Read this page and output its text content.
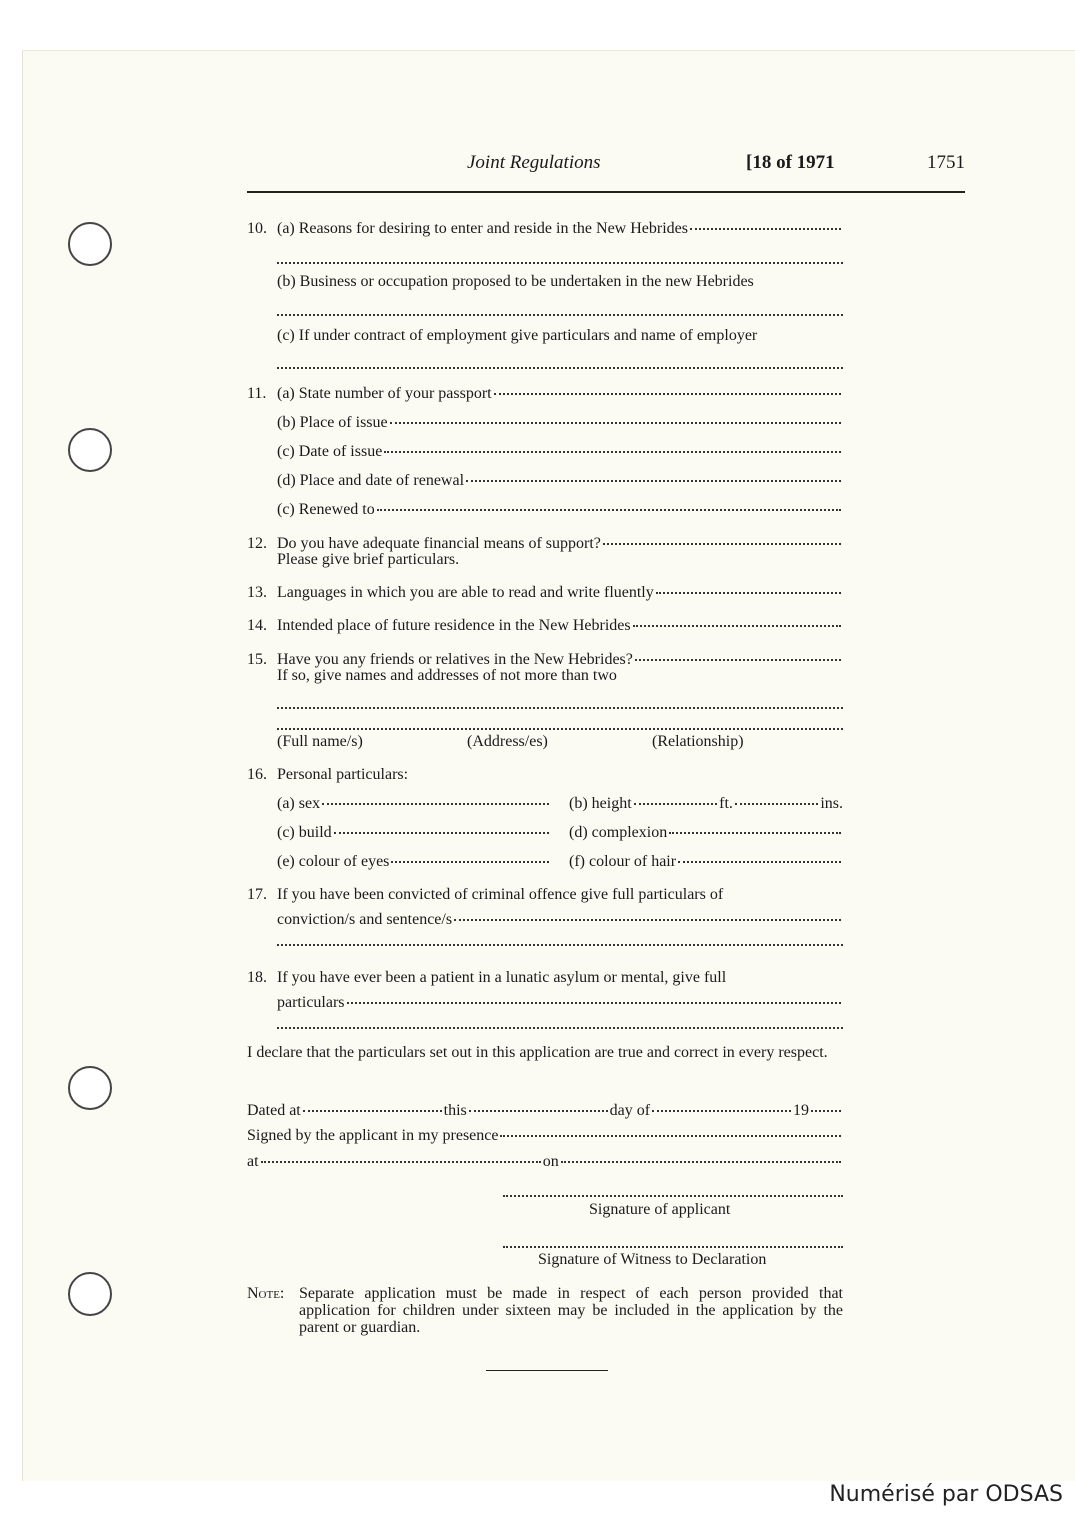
Joint Regulations	[18 of 1971	1751
10. (a) Reasons for desiring to enter and reside in the New Hebrides
(b) Business or occupation proposed to be undertaken in the new Hebrides
(c) If under contract of employment give particulars and name of employer
11. (a) State number of your passport
(b) Place of issue
(c) Date of issue
(d) Place and date of renewal
(c) Renewed to
12. Do you have adequate financial means of support?
Please give brief particulars.
13. Languages in which you are able to read and write fluently
14. Intended place of future residence in the New Hebrides
15. Have you any friends or relatives in the New Hebrides?
If so, give names and addresses of not more than two
(Full name/s)	(Address/es)	(Relationship)
16. Personal particulars:
(a) sex	(b) height	ft.	ins.
(c) build	(d) complexion
(e) colour of eyes	(f) colour of hair
17. If you have been convicted of criminal offence give full particulars of
conviction/s and sentence/s
18. If you have ever been a patient in a lunatic asylum or mental, give full
particulars
I declare that the particulars set out in this application are true and correct in every respect.
Dated at	this	day of	19
Signed by the applicant in my presence
at	on
Signature of applicant
Signature of Witness to Declaration
Note: Separate application must be made in respect of each person provided that application for children under sixteen may be included in the application by the parent or guardian.
Numérisé par ODSAS
